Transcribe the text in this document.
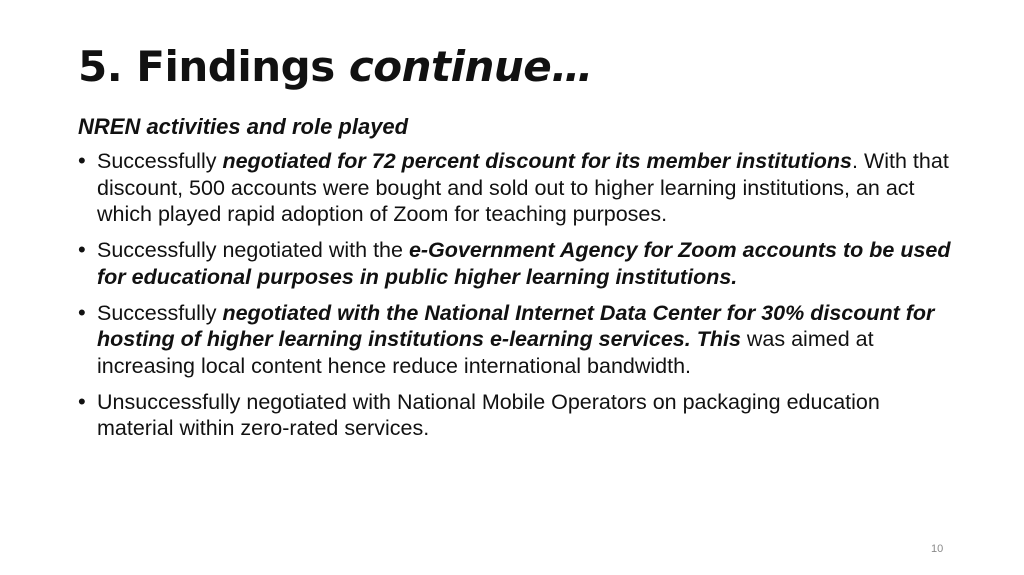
5. Findings continue…
NREN activities and role played
• Successfully negotiated for 72 percent discount for its member institutions. With that discount, 500 accounts were bought and sold out to higher learning institutions, an act which played rapid adoption of Zoom for teaching purposes.
• Successfully negotiated with the e-Government Agency for Zoom accounts to be used for educational purposes in public higher learning institutions.
• Successfully negotiated with the National Internet Data Center for 30% discount for hosting of higher learning institutions e-learning services. This was aimed at increasing local content hence reduce international bandwidth.
• Unsuccessfully negotiated with National Mobile Operators on packaging education material within zero-rated services.
10
